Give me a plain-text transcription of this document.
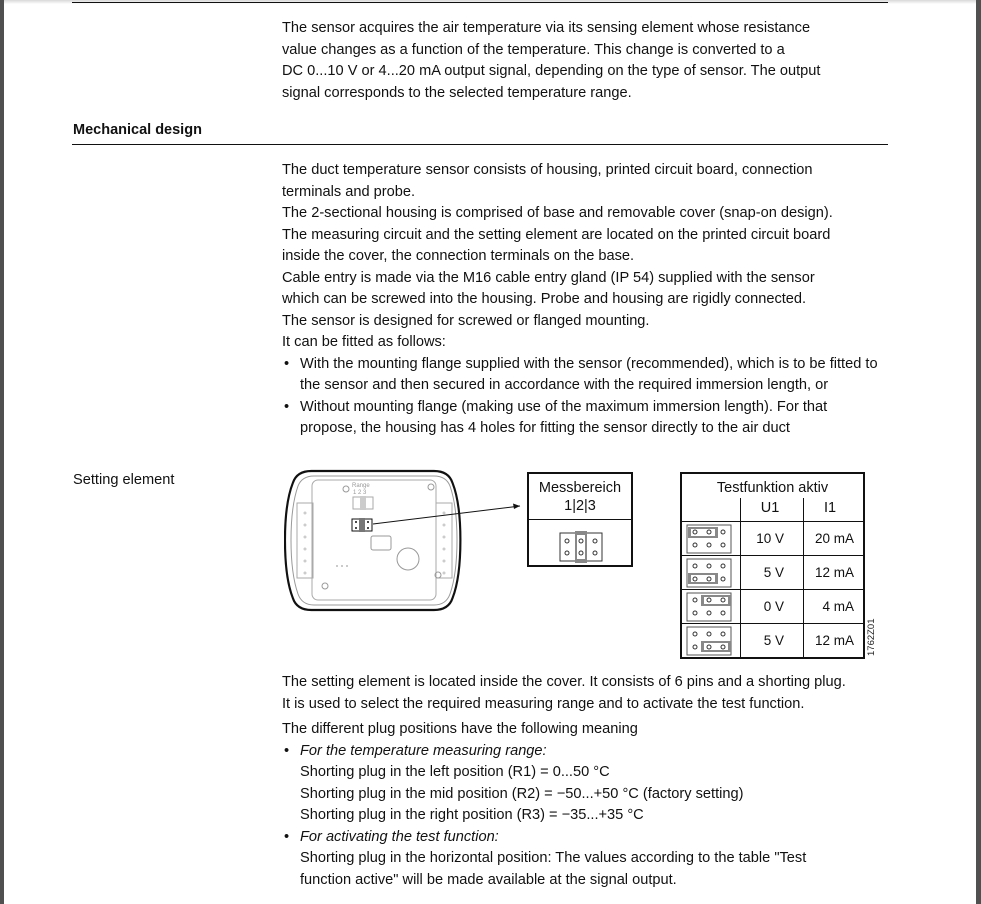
The sensor acquires the air temperature via its sensing element whose resistance

value changes as a function of the temperature. This change is converted to a

DC 0...10 V or 4...20 mA output signal, depending on the type of sensor. The output

signal corresponds to the selected temperature range.

Mechanical design

The duct temperature sensor consists of housing, printed circuit board, connection

terminals and probe.

The 2-sectional housing is comprised of base and removable cover (snap-on design).

The measuring circuit and the setting element are located on the printed circuit board

inside the cover, the connection terminals on the base.

Cable entry is made via the M16 cable entry gland (IP 54) supplied with the sensor

which can be screwed into the housing. Probe and housing are rigidly connected.

The sensor is designed for screwed or flanged mounting.

It can be fitted as follows:

• With the mounting flange supplied with the sensor (recommended), which is to be fitted to the sensor and then secured in accordance with the required immersion length, or
• Without mounting flange (making use of the maximum immersion length). For that propose, the housing has 4 holes for fitting the sensor directly to the air duct
Setting element	Range
1 2 3	Messbereich
1|2|3
Testfunktion aktiv
U1	I1
10 V	20 mA
5 V	12 mA
0 V	4 mA
5 V	12 mA 1762Z01

The setting element is located inside the cover. It consists of 6 pins and a shorting plug.

It is used to select the required measuring range and to activate the test function.

The different plug positions have the following meaning

• For the temperature measuring range:
Shorting plug in the left position (R1) = 0...50 °C
Shorting plug in the mid position (R2) = −50...+50 °C (factory setting)
Shorting plug in the right position (R3) = −35...+35 °C
• For activating the test function:
Shorting plug in the horizontal position: The values according to the table "Test
function active" will be made available at the signal output.
